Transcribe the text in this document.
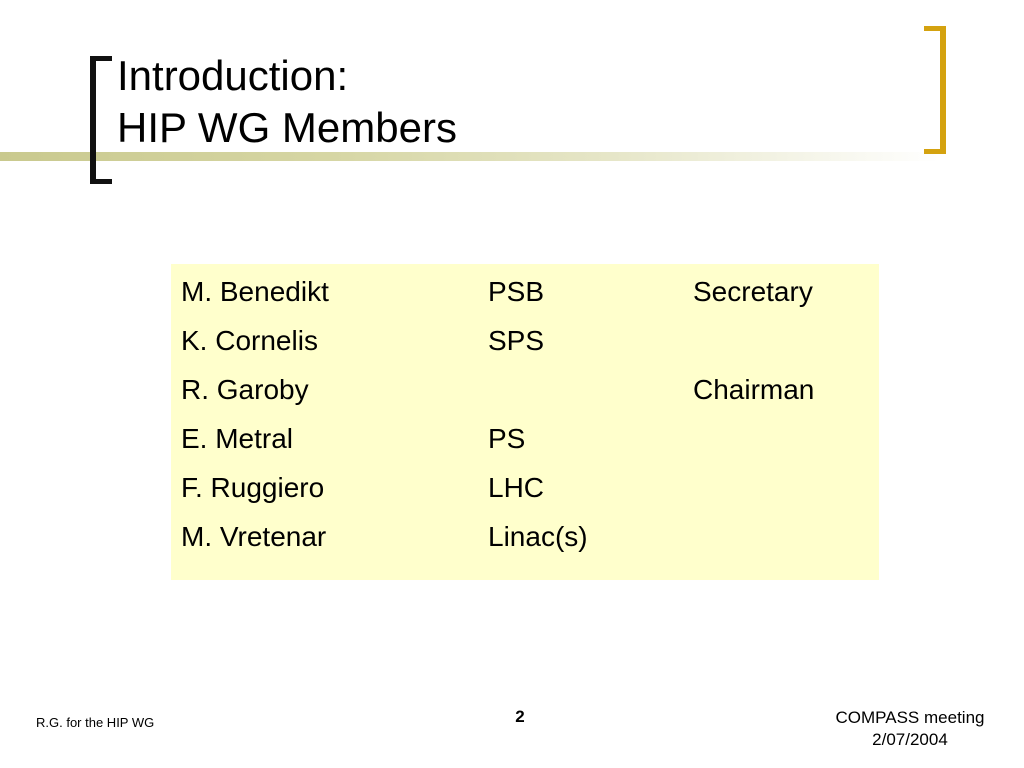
Introduction:
HIP WG Members
M. Benedikt	PSB	Secretary
K. Cornelis	SPS	
R. Garoby		Chairman
E. Metral	PS	
F. Ruggiero	LHC	
M. Vretenar	Linac(s)	
R.G. for the HIP WG	2	COMPASS meeting
2/07/2004
